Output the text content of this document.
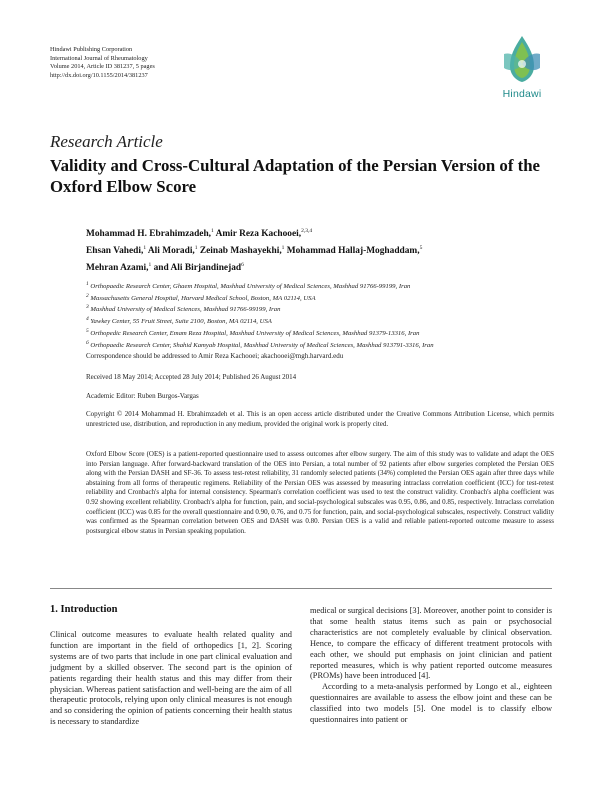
Hindawi Publishing Corporation
International Journal of Rheumatology
Volume 2014, Article ID 381237, 5 pages
http://dx.doi.org/10.1155/2014/381237
Hindawi
Research Article
Validity and Cross-Cultural Adaptation of the Persian Version of the Oxford Elbow Score
Mohammad H. Ebrahimzadeh,$^1$ Amir Reza Kachooei,$^{2,3,4}$
Ehsan Vahedi,$^1$ Ali Moradi,$^1$ Zeinab Mashayekhi,$^1$ Mohammad Hallaj-Moghaddam,$^5$
Mehran Azami,$^1$ and Ali Birjandinejad$^6$
$^1$ Orthopaedic Research Center, Ghaem Hospital, Mashhad University of Medical Sciences, Mashhad 91766-99199, Iran
$^2$ Massachusetts General Hospital, Harvard Medical School, Boston, MA 02114, USA
$^3$ Mashhad University of Medical Sciences, Mashhad 91766-99199, Iran
$^4$ Yawkey Center, 55 Fruit Street, Suite 2100, Boston, MA 02114, USA
$^5$ Orthopedic Research Center, Emam Reza Hospital, Mashhad University of Medical Sciences, Mashhad 91379-13316, Iran
$^6$ Orthopaedic Research Center, Shahid Kamyab Hospital, Mashhad University of Medical Sciences, Mashhad 913791-3316, Iran
Correspondence should be addressed to Amir Reza Kachooei; akachooei@mgh.harvard.edu
Received 18 May 2014; Accepted 28 July 2014; Published 26 August 2014
Academic Editor: Ruben Burgos-Vargas
Copyright © 2014 Mohammad H. Ebrahimzadeh et al. This is an open access article distributed under the Creative Commons Attribution License, which permits unrestricted use, distribution, and reproduction in any medium, provided the original work is properly cited.
Oxford Elbow Score (OES) is a patient-reported questionnaire used to assess outcomes after elbow surgery. The aim of this study was to validate and adapt the OES into Persian language. After forward-backward translation of the OES into Persian, a total number of 92 patients after elbow surgeries completed the Persian OES along with the Persian DASH and SF-36. To assess test-retest reliability, 31 randomly selected patients (34%) completed the Persian OES again after three days while abstaining from all forms of therapeutic regimens. Reliability of the Persian OES was assessed by measuring intraclass correlation coefficient (ICC) for test-retest reliability and Cronbach's alpha for internal consistency. Spearman's correlation coefficient was used to test the construct validity. Cronbach's alpha coefficient was 0.92 showing excellent reliability. Cronbach's alpha for function, pain, and social-psychological subscales was 0.95, 0.86, and 0.85, respectively. Intraclass correlation coefficient (ICC) was 0.85 for the overall questionnaire and 0.90, 0.76, and 0.75 for function, pain, and social-psychological subscales, respectively. Construct validity was confirmed as the Spearman correlation between OES and DASH was 0.80. Persian OES is a valid and reliable patient-reported outcome measure to assess postsurgical elbow status in Persian speaking population.
1. Introduction

Clinical outcome measures to evaluate health related quality and function are important in the field of orthopedics [1, 2]. Scoring systems are of two parts that include in one part clinical evaluation and judgment by a skilled observer. The second part is the opinion of patients regarding their health status and this may differ from their physician. Whereas patient satisfaction and well-being are the aim of all therapeutic protocols, relying upon only clinical measures is not enough and so considering the opinion of patients concerning their health status is necessary to standardize

medical or surgical decisions [3]. Moreover, another point to consider is that some health status items such as pain or psychosocial characteristics are not completely evaluable by clinical observation. Hence, to compare the efficacy of different treatment protocols with each other, we should put emphasis on joint clinician and patient reported measures, which is why patient reported outcome measures (PROMs) have been introduced [4].

According to a meta-analysis performed by Longo et al., eighteen questionnaires are available to assess the elbow joint and these can be classified into two models [5]. One model is to classify elbow questionnaires into patient or
